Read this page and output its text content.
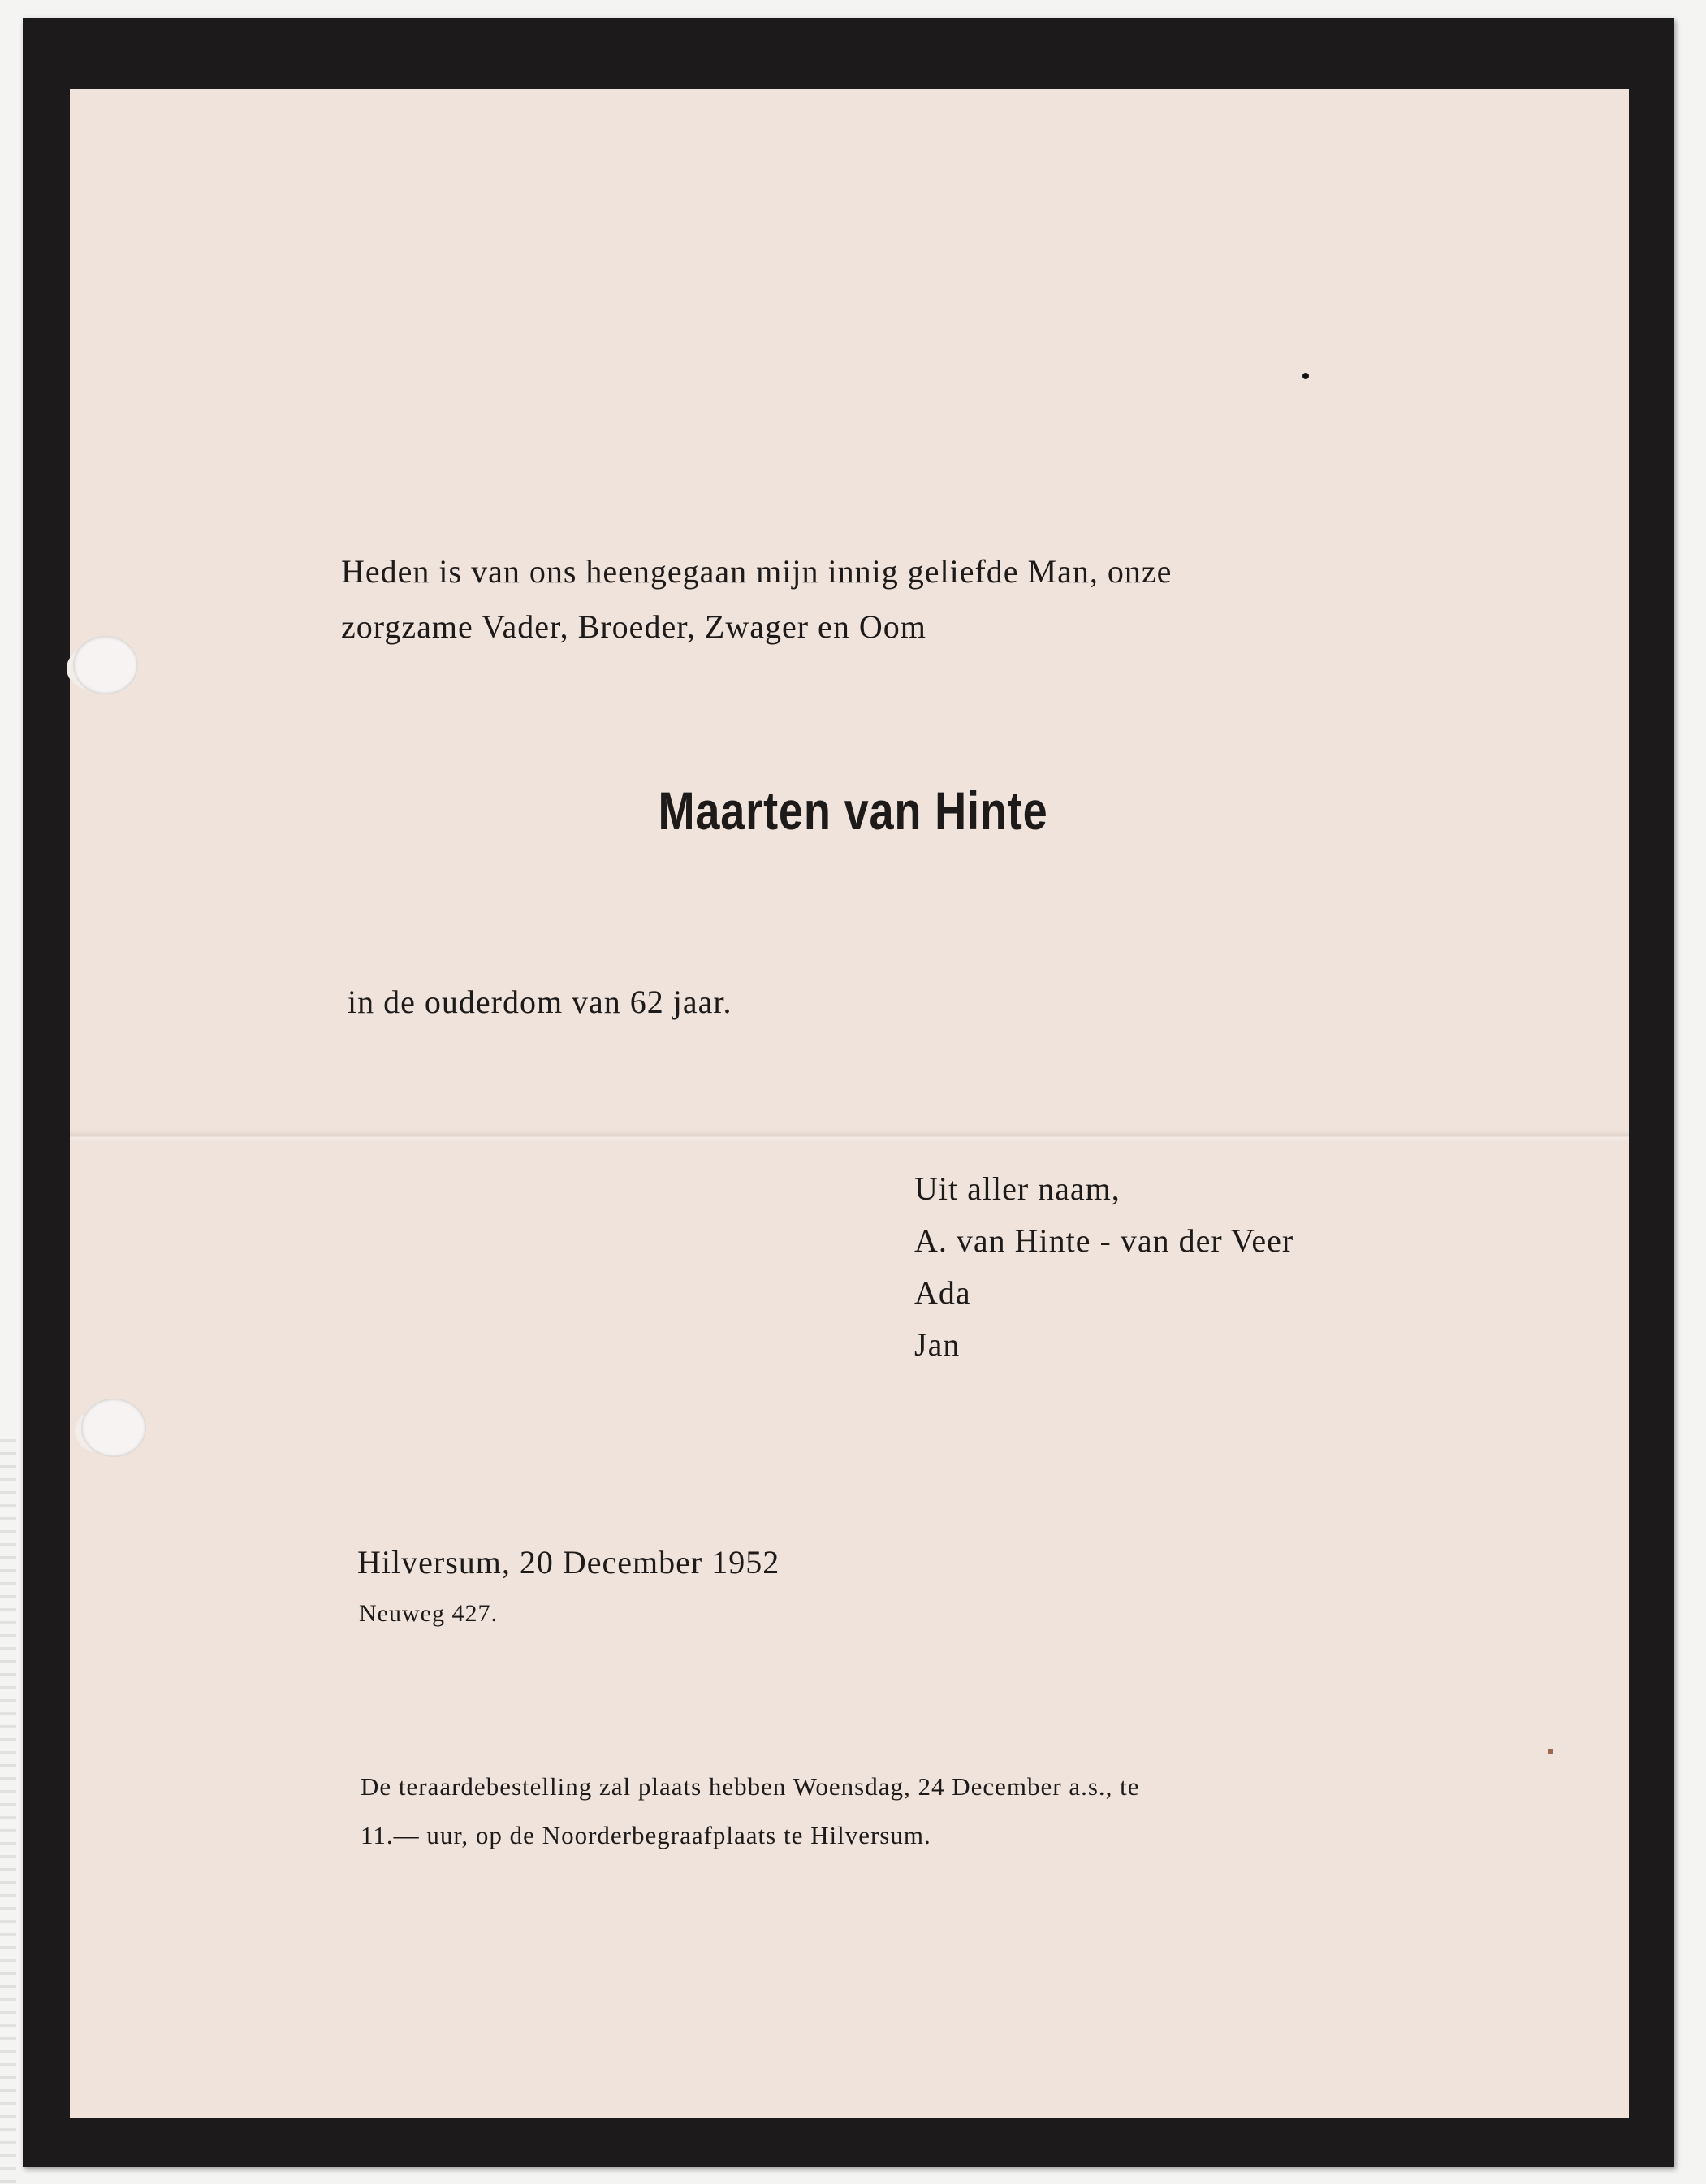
Heden is van ons heengegaan mijn innig geliefde Man, onze
zorgzame Vader, Broeder, Zwager en Oom
Maarten van Hinte
in de ouderdom van 62 jaar.
Uit aller naam,
A. van Hinte - van der Veer
Ada
Jan
Hilversum, 20 December 1952
Neuweg 427.
De teraardebestelling zal plaats hebben Woensdag, 24 December a.s., te
11.— uur, op de Noorderbegraafplaats te Hilversum.
